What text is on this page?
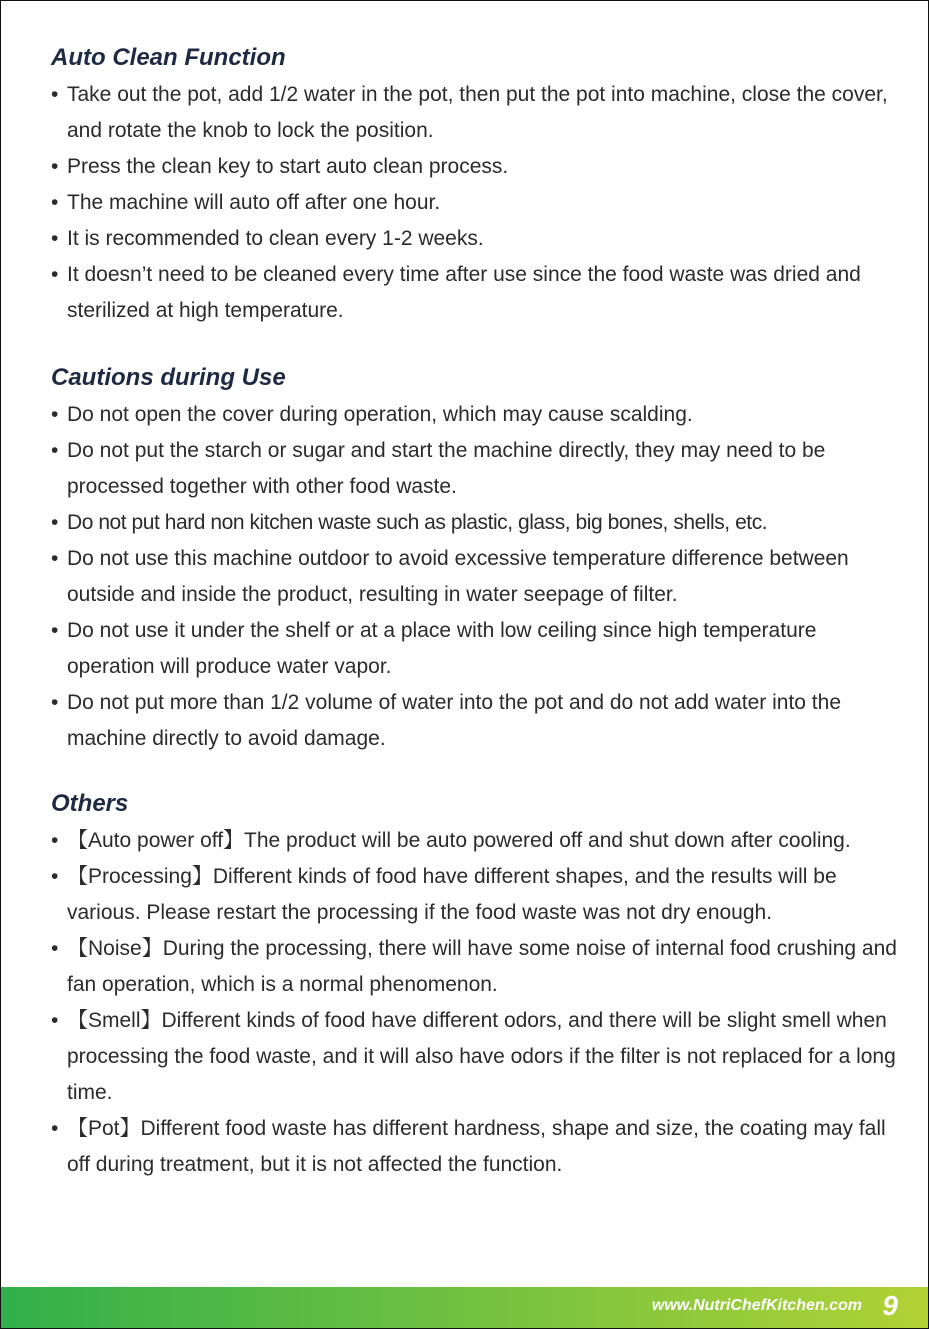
Auto Clean Function
• Take out the pot, add 1/2 water in the pot, then put the pot into machine, close the cover, and rotate the knob to lock the position.
• Press the clean key to start auto clean process.
• The machine will auto off after one hour.
• It is recommended to clean every 1-2 weeks.
• It doesn’t need to be cleaned every time after use since the food waste was dried and sterilized at high temperature.
Cautions during Use
• Do not open the cover during operation, which may cause scalding.
• Do not put the starch or sugar and start the machine directly, they may need to be processed together with other food waste.
• Do not put hard non kitchen waste such as plastic, glass, big bones, shells, etc.
• Do not use this machine outdoor to avoid excessive temperature difference between outside and inside the product, resulting in water seepage of filter.
• Do not use it under the shelf or at a place with low ceiling since high temperature operation will produce water vapor.
• Do not put more than 1/2 volume of water into the pot and do not add water into the machine directly to avoid damage.
Others
• 【Auto power off】The product will be auto powered off and shut down after cooling.
• 【Processing】Different kinds of food have different shapes, and the results will be various. Please restart the processing if the food waste was not dry enough.
• 【Noise】During the processing, there will have some noise of internal food crushing and fan operation, which is a normal phenomenon.
• 【Smell】Different kinds of food have different odors, and there will be slight smell when processing the food waste, and it will also have odors if the filter is not replaced for a long time.
• 【Pot】Different food waste has different hardness, shape and size, the coating may fall off during treatment, but it is not affected the function.
www.NutriChefKitchen.com 9
